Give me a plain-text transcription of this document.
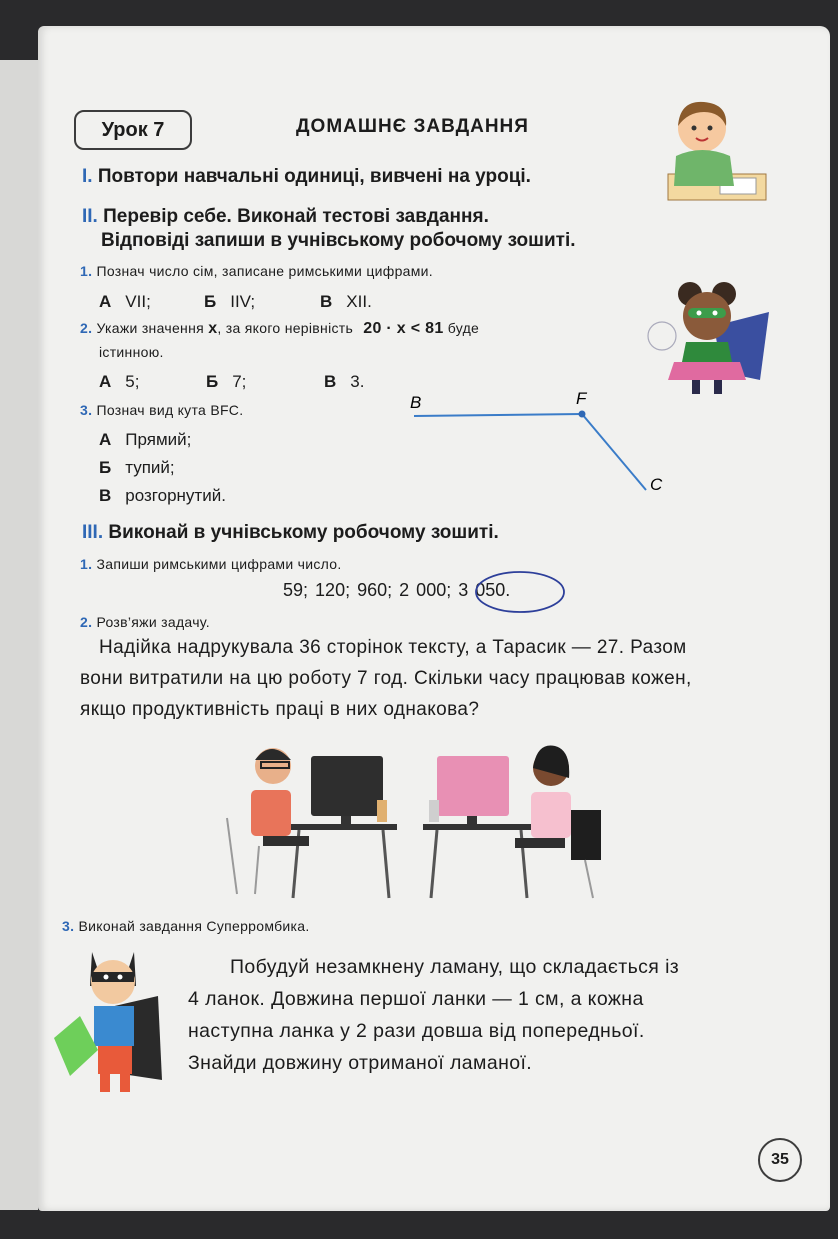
Урок 7	ДОМАШНЄ ЗАВДАННЯ
I. Повтори навчальні одиниці, вивчені на уроці.
II. Перевір себе. Виконай тестові завдання.
Відповіді запиши в учнівському робочому зошиті.
1. Познач число сім, записане римськими цифрами.
А VII;	Б IIV;	В XII.
2. Укажи значення x, за якого нерівність 20 · x < 81 буде
істинною.
А 5;	Б 7;	В 3.
3. Познач вид кута BFC.
А Прямий;
Б тупий;
В розгорнутий.
B	F
C
III. Виконай в учнівському робочому зошиті.
1. Запиши римськими цифрами число.
59; 120; 960; 2 000; 3 050.
2. Розв’яжи задачу.
Надійка надрукувала 36 сторінок тексту, а Тарасик — 27. Разом
вони витратили на цю роботу 7 год. Скільки часу працював кожен,
якщо продуктивність праці в них однакова?
3. Виконай завдання Суперромбика.
Побудуй незамкнену ламану, що складається із
4 ланок. Довжина першої ланки — 1 см, а кожна
наступна ланка у 2 рази довша від попередньої.
Знайди довжину отриманої ламаної.
35
